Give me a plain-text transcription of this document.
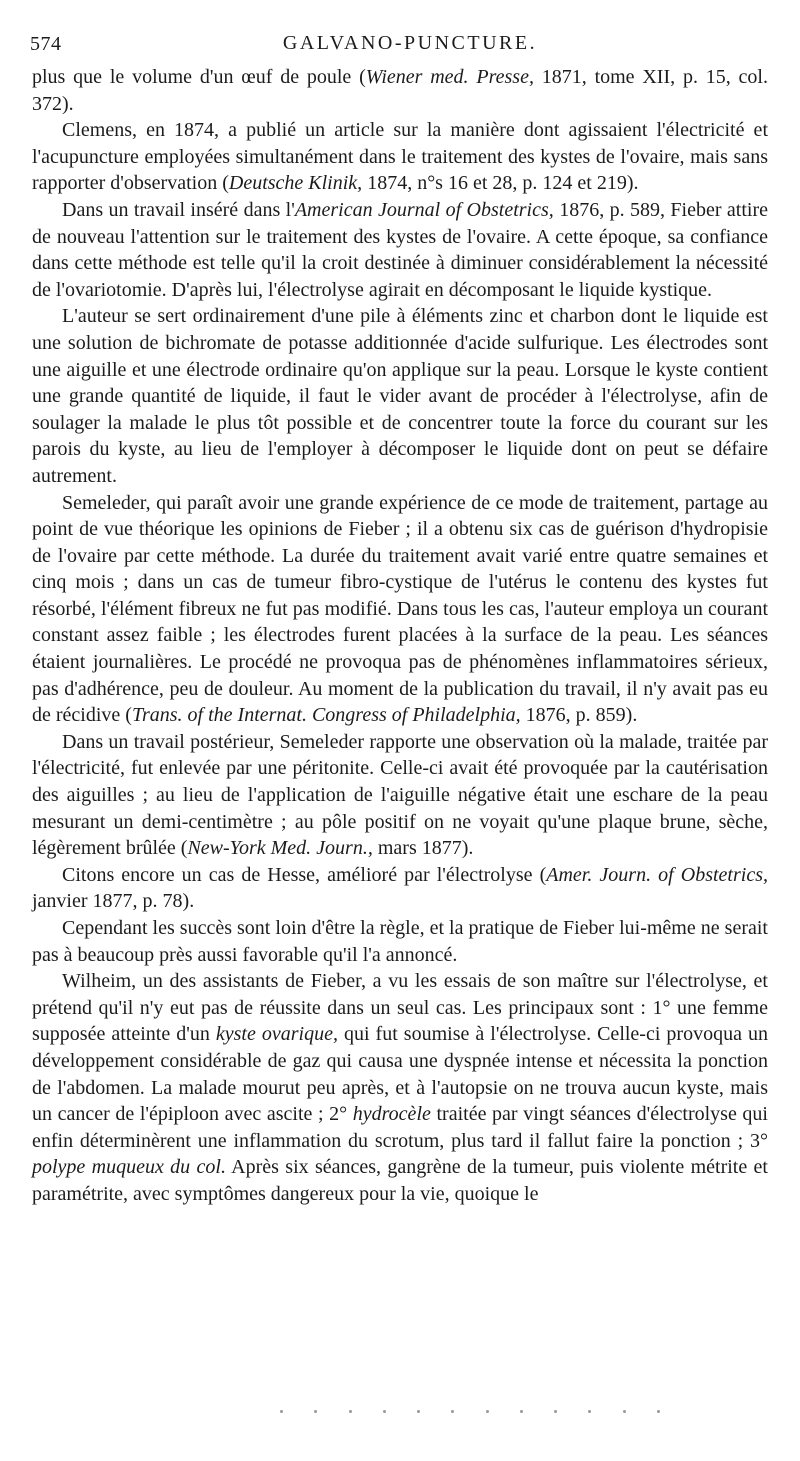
574	GALVANO-PUNCTURE.

plus que le volume d'un œuf de poule (Wiener med. Presse, 1871, tome XII, p. 15, col. 372).

Clemens, en 1874, a publié un article sur la manière dont agissaient l'électricité et l'acupuncture employées simultanément dans le traitement des kystes de l'ovaire, mais sans rapporter d'observation (Deutsche Klinik, 1874, n°s 16 et 28, p. 124 et 219).

Dans un travail inséré dans l'American Journal of Obstetrics, 1876, p. 589, Fieber attire de nouveau l'attention sur le traitement des kystes de l'ovaire. A cette époque, sa confiance dans cette méthode est telle qu'il la croit destinée à diminuer considérablement la nécessité de l'ovariotomie. D'après lui, l'électrolyse agirait en décomposant le liquide kystique.

L'auteur se sert ordinairement d'une pile à éléments zinc et charbon dont le liquide est une solution de bichromate de potasse additionnée d'acide sulfurique. Les électrodes sont une aiguille et une électrode ordinaire qu'on applique sur la peau. Lorsque le kyste contient une grande quantité de liquide, il faut le vider avant de procéder à l'électrolyse, afin de soulager la malade le plus tôt possible et de concentrer toute la force du courant sur les parois du kyste, au lieu de l'employer à décomposer le liquide dont on peut se défaire autrement.

Semeleder, qui paraît avoir une grande expérience de ce mode de traitement, partage au point de vue théorique les opinions de Fieber ; il a obtenu six cas de guérison d'hydropisie de l'ovaire par cette méthode. La durée du traitement avait varié entre quatre semaines et cinq mois ; dans un cas de tumeur fibro-cystique de l'utérus le contenu des kystes fut résorbé, l'élément fibreux ne fut pas modifié. Dans tous les cas, l'auteur employa un courant constant assez faible ; les électrodes furent placées à la surface de la peau. Les séances étaient journalières. Le procédé ne provoqua pas de phénomènes inflammatoires sérieux, pas d'adhérence, peu de douleur. Au moment de la publication du travail, il n'y avait pas eu de récidive (Trans. of the Internat. Congress of Philadelphia, 1876, p. 859).

Dans un travail postérieur, Semeleder rapporte une observation où la malade, traitée par l'électricité, fut enlevée par une péritonite. Celle-ci avait été provoquée par la cautérisation des aiguilles ; au lieu de l'application de l'aiguille négative était une eschare de la peau mesurant un demi-centimètre ; au pôle positif on ne voyait qu'une plaque brune, sèche, légèrement brûlée (New-York Med. Journ., mars 1877).

Citons encore un cas de Hesse, amélioré par l'électrolyse (Amer. Journ. of Obstetrics, janvier 1877, p. 78).

Cependant les succès sont loin d'être la règle, et la pratique de Fieber lui-même ne serait pas à beaucoup près aussi favorable qu'il l'a annoncé.

Wilheim, un des assistants de Fieber, a vu les essais de son maître sur l'électrolyse, et prétend qu'il n'y eut pas de réussite dans un seul cas. Les principaux sont : 1° une femme supposée atteinte d'un kyste ovarique, qui fut soumise à l'électrolyse. Celle-ci provoqua un développement considérable de gaz qui causa une dyspnée intense et nécessita la ponction de l'abdomen. La malade mourut peu après, et à l'autopsie on ne trouva aucun kyste, mais un cancer de l'épiploon avec ascite ; 2° hydrocèle traitée par vingt séances d'électrolyse qui enfin déterminèrent une inflammation du scrotum, plus tard il fallut faire la ponction ; 3° polype muqueux du col. Après six séances, gangrène de la tumeur, puis violente métrite et paramétrite, avec symptômes dangereux pour la vie, quoique le
